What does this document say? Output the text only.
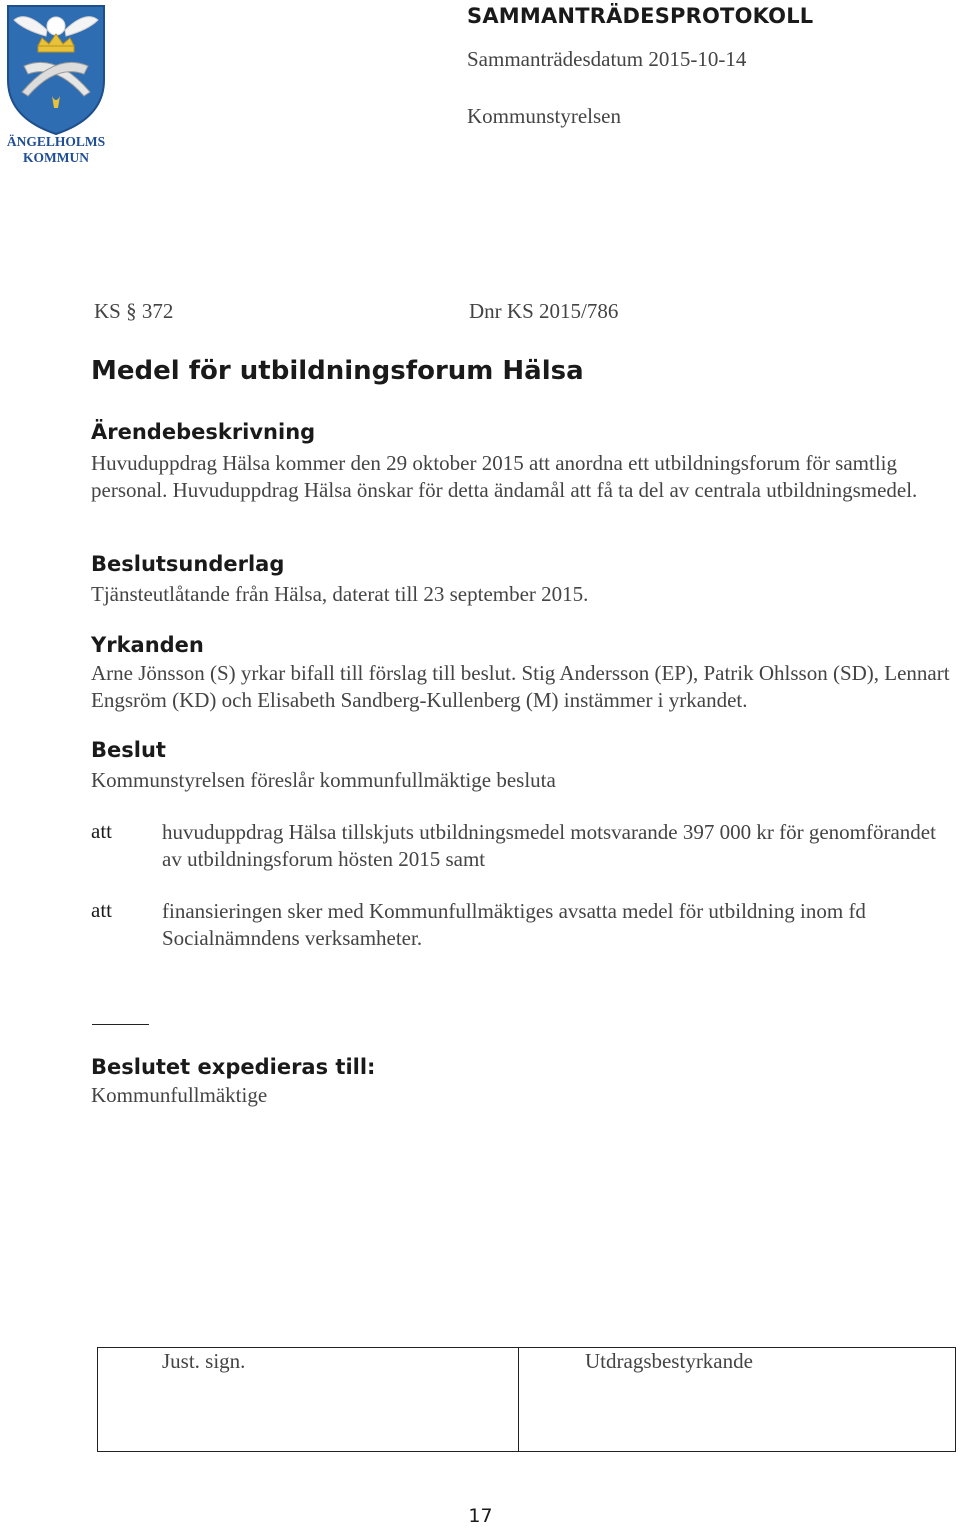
ÄNGELHOLMS
KOMMUN
SAMMANTRÄDESPROTOKOLL
Sammanträdesdatum 2015-10-14
Kommunstyrelsen
KS § 372	Dnr KS 2015/786
Medel för utbildningsforum Hälsa
Ärendebeskrivning
Huvuduppdrag Hälsa kommer den 29 oktober 2015 att anordna ett utbildningsforum för samtlig personal. Huvuduppdrag Hälsa önskar för detta ändamål att få ta del av centrala utbildningsmedel.
Beslutsunderlag
Tjänsteutlåtande från Hälsa, daterat till 23 september 2015.
Yrkanden
Arne Jönsson (S) yrkar bifall till förslag till beslut. Stig Andersson (EP), Patrik Ohlsson (SD), Lennart Engsröm (KD) och Elisabeth Sandberg-Kullenberg (M) instämmer i yrkandet.
Beslut
Kommunstyrelsen föreslår kommunfullmäktige besluta
att huvuduppdrag Hälsa tillskjuts utbildningsmedel motsvarande 397 000 kr för genomförandet av utbildningsforum hösten 2015 samt
att finansieringen sker med Kommunfullmäktiges avsatta medel för utbildning inom fd Socialnämndens verksamheter.
Beslutet expedieras till:
Kommunfullmäktige
Just. sign.	Utdragsbestyrkande
17
